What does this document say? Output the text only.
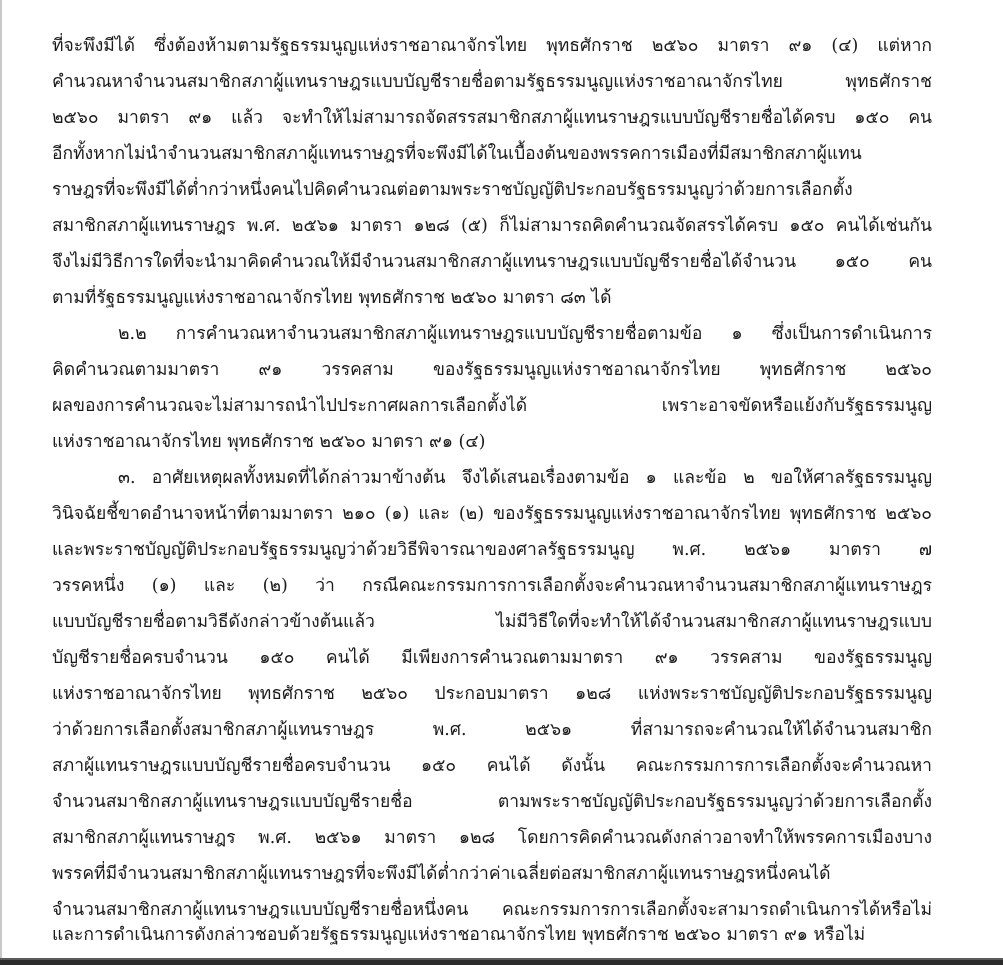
ที่จะพึงมีได้ ซึ่งต้องห้ามตามรัฐธรรมนูญแห่งราชอาณาจักรไทย พุทธศักราช ๒๕๖๐ มาตรา ๙๑ (๔) แต่หาก
คำนวณหาจำนวนสมาชิกสภาผู้แทนราษฎรแบบบัญชีรายชื่อตามรัฐธรรมนูญแห่งราชอาณาจักรไทย พุทธศักราช
๒๕๖๐ มาตรา ๙๑ แล้ว จะทำให้ไม่สามารถจัดสรรสมาชิกสภาผู้แทนราษฎรแบบบัญชีรายชื่อได้ครบ ๑๕๐ คน
อีกทั้งหากไม่นำจำนวนสมาชิกสภาผู้แทนราษฎรที่จะพึงมีได้ในเบื้องต้นของพรรคการเมืองที่มีสมาชิกสภาผู้แทน
ราษฎรที่จะพึงมีได้ต่ำกว่าหนึ่งคนไปคิดคำนวณต่อตามพระราชบัญญัติประกอบรัฐธรรมนูญว่าด้วยการเลือกตั้ง
สมาชิกสภาผู้แทนราษฎร พ.ศ. ๒๕๖๑ มาตรา ๑๒๘ (๕) ก็ไม่สามารถคิดคำนวณจัดสรรได้ครบ ๑๕๐ คนได้เช่นกัน
จึงไม่มีวิธีการใดที่จะนำมาคิดคำนวณให้มีจำนวนสมาชิกสภาผู้แทนราษฎรแบบบัญชีรายชื่อได้จำนวน ๑๕๐ คน
ตามที่รัฐธรรมนูญแห่งราชอาณาจักรไทย พุทธศักราช ๒๕๖๐ มาตรา ๘๓ ได้
๒.๒ การคำนวณหาจำนวนสมาชิกสภาผู้แทนราษฎรแบบบัญชีรายชื่อตามข้อ ๑ ซึ่งเป็นการดำเนินการ
คิดคำนวณตามมาตรา ๙๑ วรรคสาม ของรัฐธรรมนูญแห่งราชอาณาจักรไทย พุทธศักราช ๒๕๖๐
ผลของการคำนวณจะไม่สามารถนำไปประกาศผลการเลือกตั้งได้ เพราะอาจขัดหรือแย้งกับรัฐธรรมนูญ
แห่งราชอาณาจักรไทย พุทธศักราช ๒๕๖๐ มาตรา ๙๑ (๔)
๓. อาศัยเหตุผลทั้งหมดที่ได้กล่าวมาข้างต้น จึงได้เสนอเรื่องตามข้อ ๑ และข้อ ๒ ขอให้ศาลรัฐธรรมนูญ
วินิจฉัยชี้ขาดอำนาจหน้าที่ตามมาตรา ๒๑๐ (๑) และ (๒) ของรัฐธรรมนูญแห่งราชอาณาจักรไทย พุทธศักราช ๒๕๖๐
และพระราชบัญญัติประกอบรัฐธรรมนูญว่าด้วยวิธีพิจารณาของศาลรัฐธรรมนูญ พ.ศ. ๒๕๖๑ มาตรา ๗
วรรคหนึ่ง (๑) และ (๒) ว่า กรณีคณะกรรมการการเลือกตั้งจะคำนวณหาจำนวนสมาชิกสภาผู้แทนราษฎร
แบบบัญชีรายชื่อตามวิธีดังกล่าวข้างต้นแล้ว ไม่มีวิธีใดที่จะทำให้ได้จำนวนสมาชิกสภาผู้แทนราษฎรแบบ
บัญชีรายชื่อครบจำนวน ๑๕๐ คนได้ มีเพียงการคำนวณตามมาตรา ๙๑ วรรคสาม ของรัฐธรรมนูญ
แห่งราชอาณาจักรไทย พุทธศักราช ๒๕๖๐ ประกอบมาตรา ๑๒๘ แห่งพระราชบัญญัติประกอบรัฐธรรมนูญ
ว่าด้วยการเลือกตั้งสมาชิกสภาผู้แทนราษฎร พ.ศ. ๒๕๖๑ ที่สามารถจะคำนวณให้ได้จำนวนสมาชิก
สภาผู้แทนราษฎรแบบบัญชีรายชื่อครบจำนวน ๑๕๐ คนได้ ดังนั้น คณะกรรมการการเลือกตั้งจะคำนวณหา
จำนวนสมาชิกสภาผู้แทนราษฎรแบบบัญชีรายชื่อ ตามพระราชบัญญัติประกอบรัฐธรรมนูญว่าด้วยการเลือกตั้ง
สมาชิกสภาผู้แทนราษฎร พ.ศ. ๒๕๖๑ มาตรา ๑๒๘ โดยการคิดคำนวณดังกล่าวอาจทำให้พรรคการเมืองบาง
พรรคที่มีจำนวนสมาชิกสภาผู้แทนราษฎรที่จะพึงมีได้ต่ำกว่าค่าเฉลี่ยต่อสมาชิกสภาผู้แทนราษฎรหนึ่งคนได้
จำนวนสมาชิกสภาผู้แทนราษฎรแบบบัญชีรายชื่อหนึ่งคน คณะกรรมการการเลือกตั้งจะสามารถดำเนินการได้หรือไม่
และการดำเนินการดังกล่าวชอบด้วยรัฐธรรมนูญแห่งราชอาณาจักรไทย พุทธศักราช ๒๕๖๐ มาตรา ๙๑ หรือไม่
